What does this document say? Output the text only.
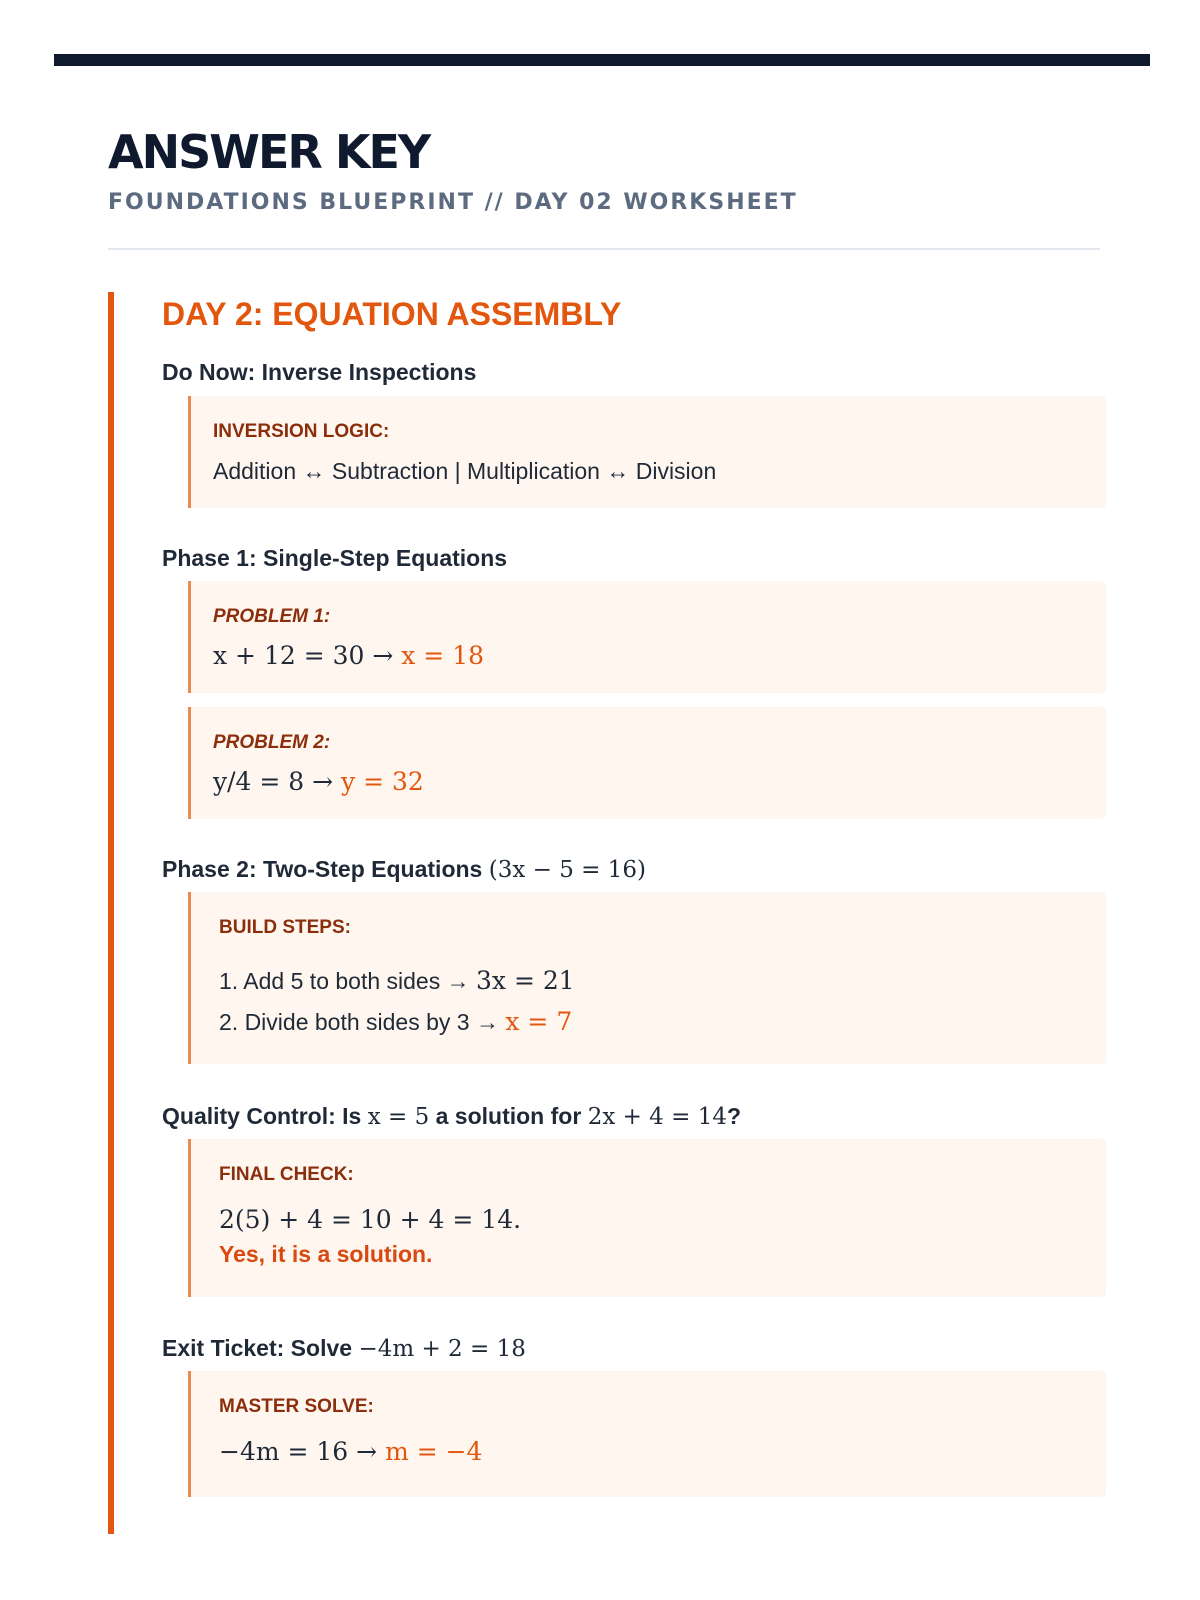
ANSWER KEY
FOUNDATIONS BLUEPRINT // DAY 02 WORKSHEET
DAY 2: EQUATION ASSEMBLY
Do Now: Inverse Inspections
INVERSION LOGIC:
Addition ↔ Subtraction | Multiplication ↔ Division
Phase 1: Single-Step Equations
PROBLEM 1:
x + 12 = 30 → x = 18
PROBLEM 2:
y/4 = 8 → y = 32
Phase 2: Two-Step Equations (3x − 5 = 16)
BUILD STEPS:
1. Add 5 to both sides → 3x = 21
2. Divide both sides by 3 → x = 7
Quality Control: Is x = 5 a solution for 2x + 4 = 14?
FINAL CHECK:
2(5) + 4 = 10 + 4 = 14.
Yes, it is a solution.
Exit Ticket: Solve −4m + 2 = 18
MASTER SOLVE:
−4m = 16 → m = −4
